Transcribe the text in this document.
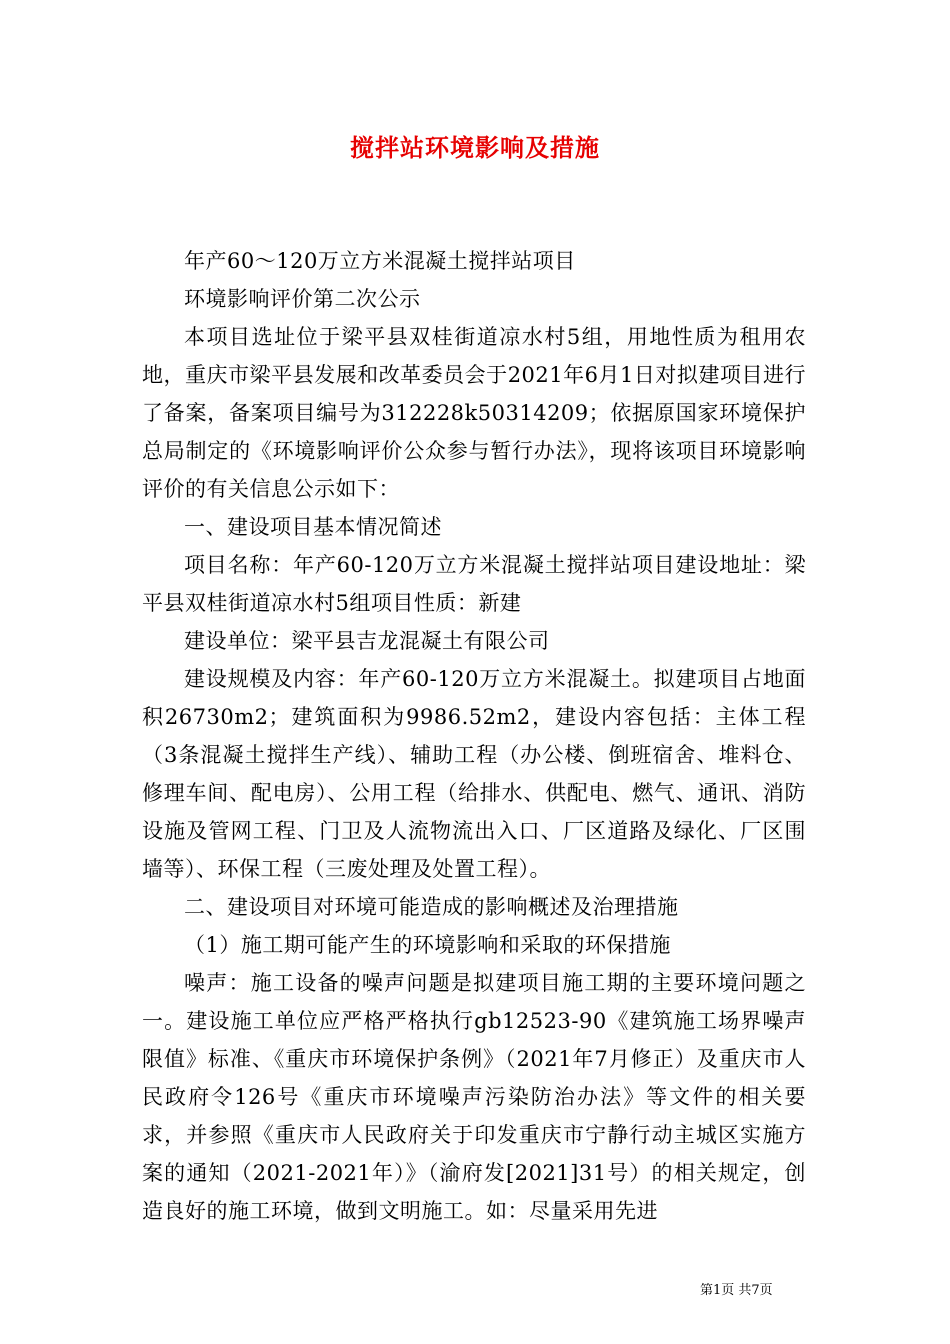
搅拌站环境影响及措施

年产60～120万立方米混凝土搅拌站项目

环境影响评价第二次公示

本项目选址位于梁平县双桂街道凉水村5组，用地性质为租用农地，重庆市梁平县发展和改革委员会于2021年6月1日对拟建项目进行了备案，备案项目编号为312228k50314209；依据原国家环境保护总局制定的《环境影响评价公众参与暂行办法》，现将该项目环境影响评价的有关信息公示如下：

一、建设项目基本情况简述

项目名称：年产60-120万立方米混凝土搅拌站项目建设地址：梁平县双桂街道凉水村5组项目性质：新建

建设单位：梁平县吉龙混凝土有限公司

建设规模及内容：年产60-120万立方米混凝土。拟建项目占地面积26730m2；建筑面积为9986.52m2，建设内容包括：主体工程（3条混凝土搅拌生产线）、辅助工程（办公楼、倒班宿舍、堆料仓、修理车间、配电房）、公用工程（给排水、供配电、燃气、通讯、消防设施及管网工程、门卫及人流物流出入口、厂区道路及绿化、厂区围墙等）、环保工程（三废处理及处置工程）。

二、建设项目对环境可能造成的影响概述及治理措施

（1）施工期可能产生的环境影响和采取的环保措施

噪声：施工设备的噪声问题是拟建项目施工期的主要环境问题之一。建设施工单位应严格严格执行gb12523-90《建筑施工场界噪声限值》标准、《重庆市环境保护条例》（2021年7月修正）及重庆市人民政府令126号《重庆市环境噪声污染防治办法》等文件的相关要求，并参照《重庆市人民政府关于印发重庆市宁静行动主城区实施方案的通知（2021-2021年）》（渝府发[2021]31号）的相关规定，创造良好的施工环境，做到文明施工。如：尽量采用先进

第1页 共7页
